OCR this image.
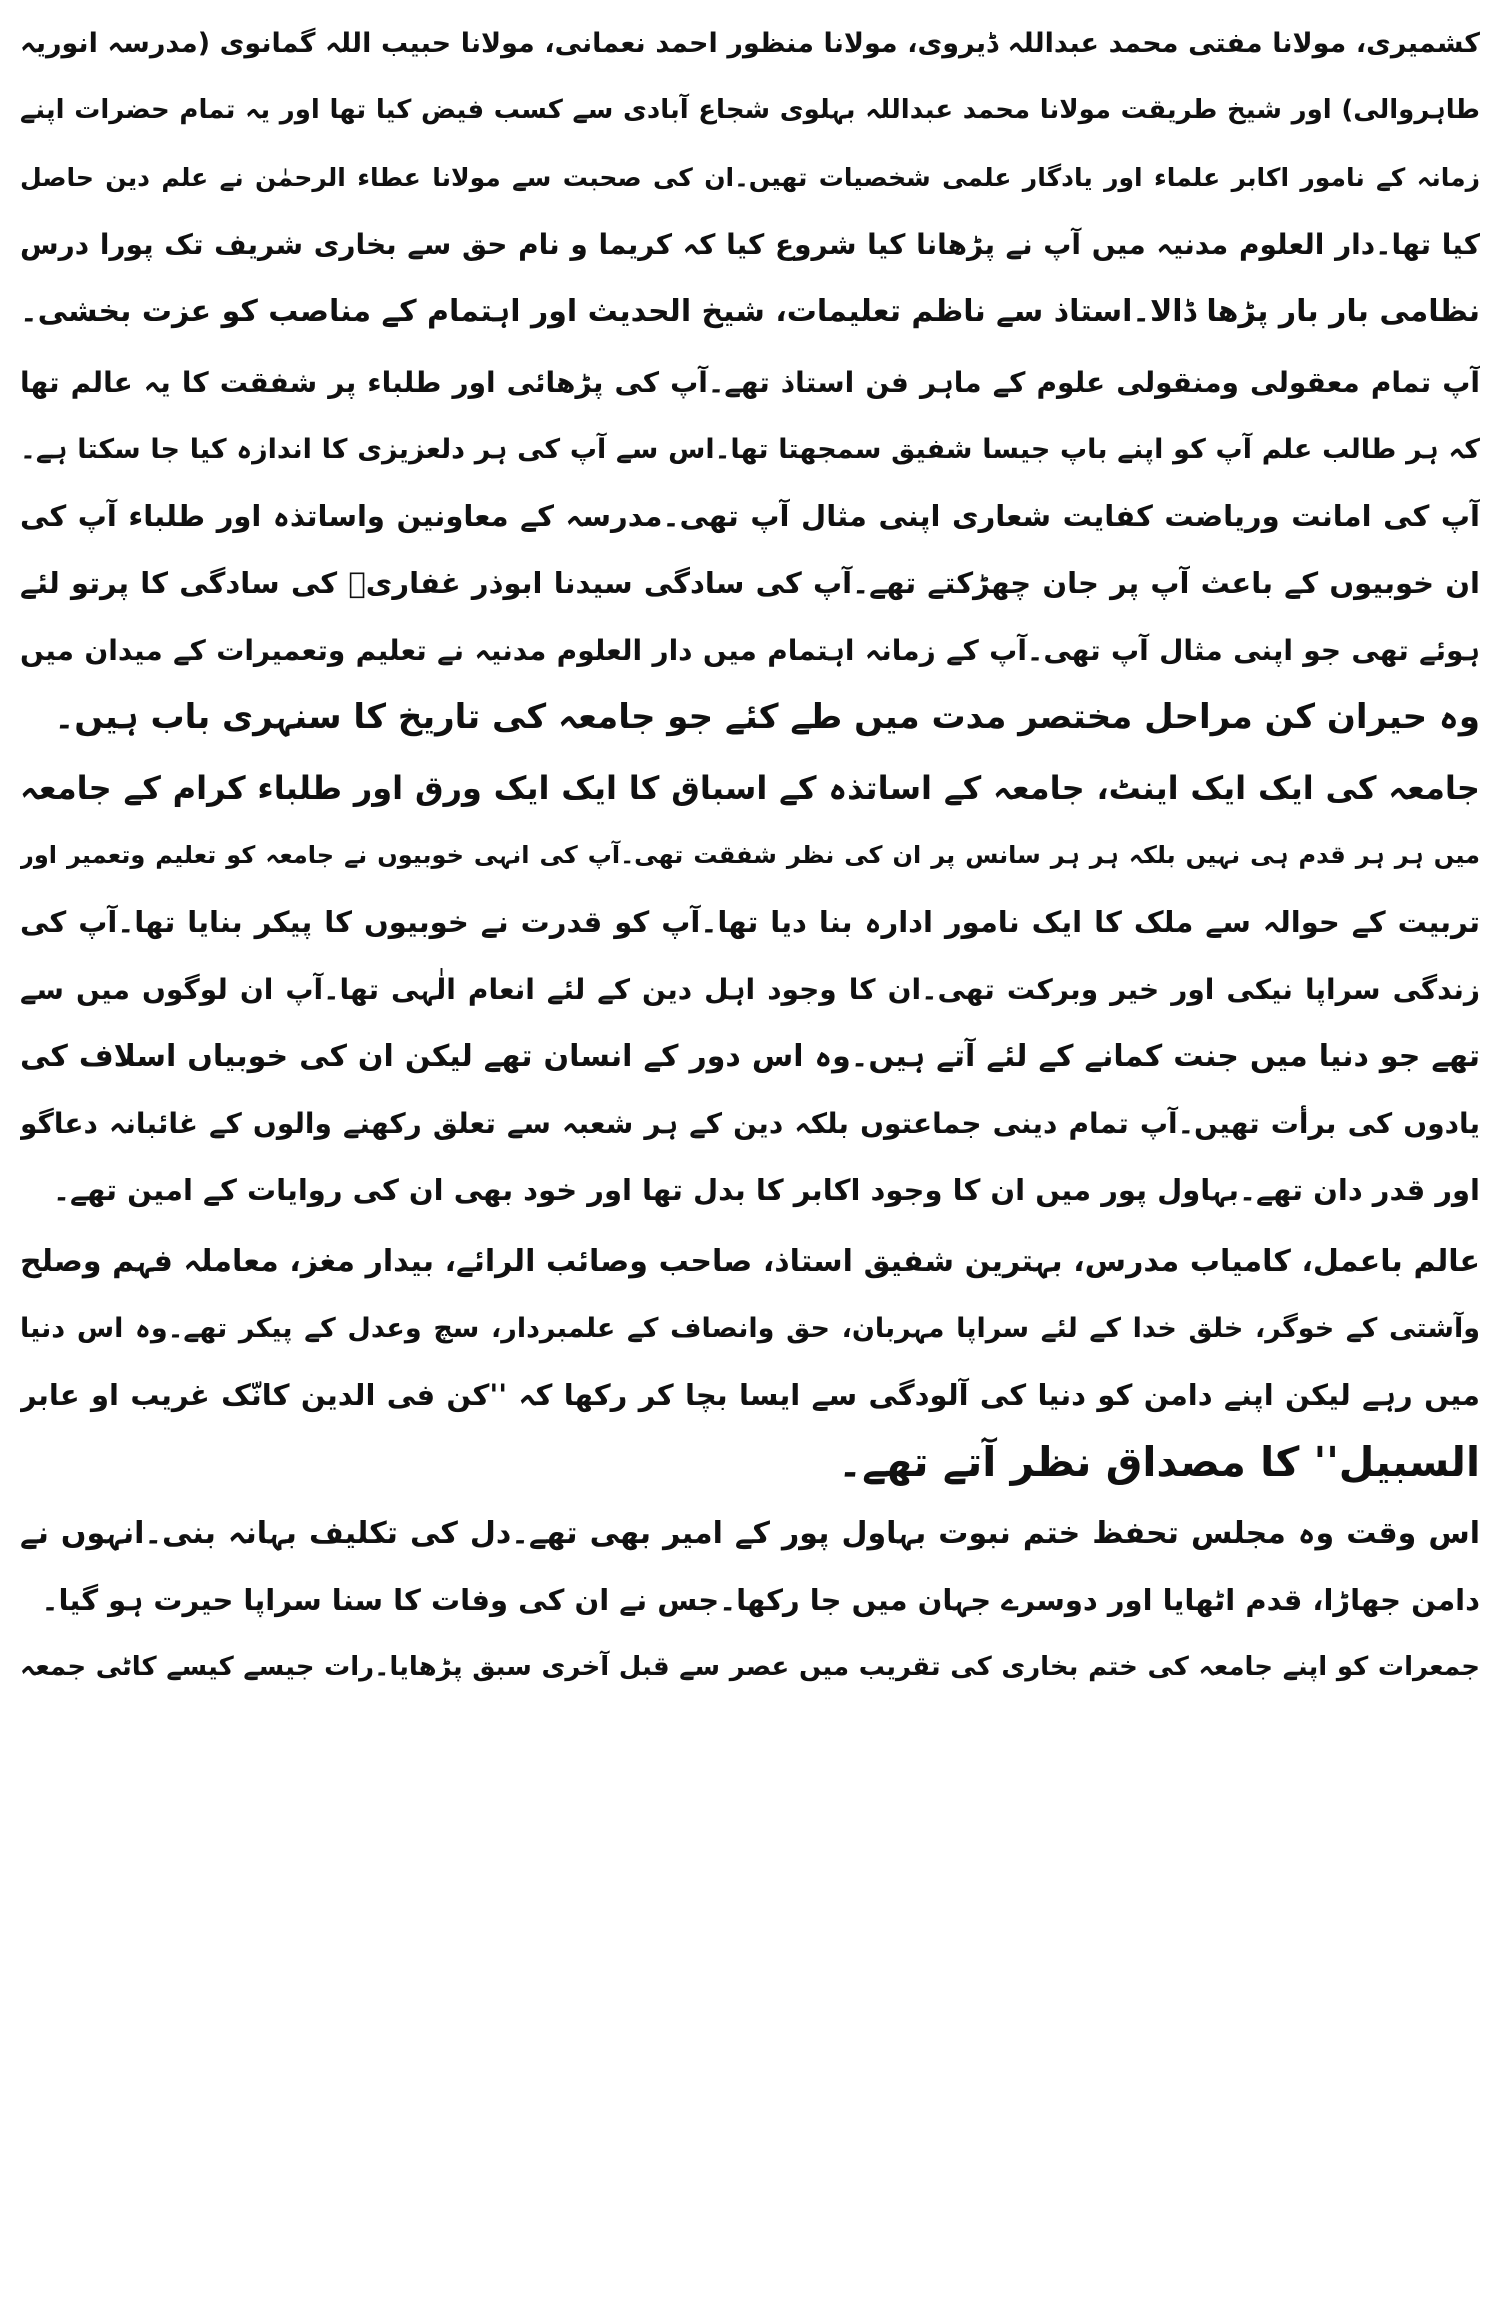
کشمیری، مولانا مفتی محمد عبداللہ ڈیروی، مولانا منظور احمد نعمانی، مولانا حبیب اللہ گمانوی (مدرسہ انوریہ
طاہروالی) اور شیخ طریقت مولانا محمد عبداللہ بہلوی شجاع آبادی سے کسب فیض کیا تھا اور یہ تمام حضرات اپنے
زمانہ کے نامور اکابر علماء اور یادگار علمی شخصیات تھیں۔ان کی صحبت سے مولانا عطاء الرحمٰن نے علم دین حاصل
کیا تھا۔دار العلوم مدنیہ میں آپ نے پڑھانا کیا شروع کیا کہ کریما و نام حق سے بخاری شریف تک پورا درس
نظامی بار بار پڑھا ڈالا۔استاذ سے ناظم تعلیمات، شیخ الحدیث اور اہتمام کے مناصب کو عزت بخشی۔
آپ تمام معقولی ومنقولی علوم کے ماہر فن استاذ تھے۔آپ کی پڑھائی اور طلباء پر شفقت کا یہ عالم تھا
کہ ہر طالب علم آپ کو اپنے باپ جیسا شفیق سمجھتا تھا۔اس سے آپ کی ہر دلعزیزی کا اندازہ کیا جا سکتا ہے۔
آپ کی امانت وریاضت کفایت شعاری اپنی مثال آپ تھی۔مدرسہ کے معاونین واساتذہ اور طلباء آپ کی
ان خوبیوں کے باعث آپ پر جان چھڑکتے تھے۔آپ کی سادگی سیدنا ابوذر غفاریؓ کی سادگی کا پرتو لئے
ہوئے تھی جو اپنی مثال آپ تھی۔آپ کے زمانہ اہتمام میں دار العلوم مدنیہ نے تعلیم وتعمیرات کے میدان میں
وہ حیران کن مراحل مختصر مدت میں طے کئے جو جامعہ کی تاریخ کا سنہری باب ہیں۔
جامعہ کی ایک ایک اینٹ، جامعہ کے اساتذہ کے اسباق کا ایک ایک ورق اور طلباء کرام کے جامعہ
میں ہر ہر قدم ہی نہیں بلکہ ہر ہر سانس پر ان کی نظر شفقت تھی۔آپ کی انہی خوبیوں نے جامعہ کو تعلیم وتعمیر اور
تربیت کے حوالہ سے ملک کا ایک نامور ادارہ بنا دیا تھا۔آپ کو قدرت نے خوبیوں کا پیکر بنایا تھا۔آپ کی
زندگی سراپا نیکی اور خیر وبرکت تھی۔ان کا وجود اہل دین کے لئے انعام الٰہی تھا۔آپ ان لوگوں میں سے
تھے جو دنیا میں جنت کمانے کے لئے آتے ہیں۔وہ اس دور کے انسان تھے لیکن ان کی خوبیاں اسلاف کی
یادوں کی برأت تھیں۔آپ تمام دینی جماعتوں بلکہ دین کے ہر شعبہ سے تعلق رکھنے والوں کے غائبانہ دعاگو
اور قدر دان تھے۔بہاول پور میں ان کا وجود اکابر کا بدل تھا اور خود بھی ان کی روایات کے امین تھے۔
عالم باعمل، کامیاب مدرس، بہترین شفیق استاذ، صاحب وصائب الرائے، بیدار مغز، معاملہ فہم وصلح
وآشتی کے خوگر، خلق خدا کے لئے سراپا مہربان، حق وانصاف کے علمبردار، سچ وعدل کے پیکر تھے۔وہ اس دنیا
میں رہے لیکن اپنے دامن کو دنیا کی آلودگی سے ایسا بچا کر رکھا کہ ''کن فی الدین کانّک غریب او عابر
السبیل'' کا مصداق نظر آتے تھے۔
اس وقت وہ مجلس تحفظ ختم نبوت بہاول پور کے امیر بھی تھے۔دل کی تکلیف بہانہ بنی۔انہوں نے
دامن جھاڑا، قدم اٹھایا اور دوسرے جہان میں جا رکھا۔جس نے ان کی وفات کا سنا سراپا حیرت ہو گیا۔
جمعرات کو اپنے جامعہ کی ختم بخاری کی تقریب میں عصر سے قبل آخری سبق پڑھایا۔رات جیسے کیسے کاٹی جمعہ
